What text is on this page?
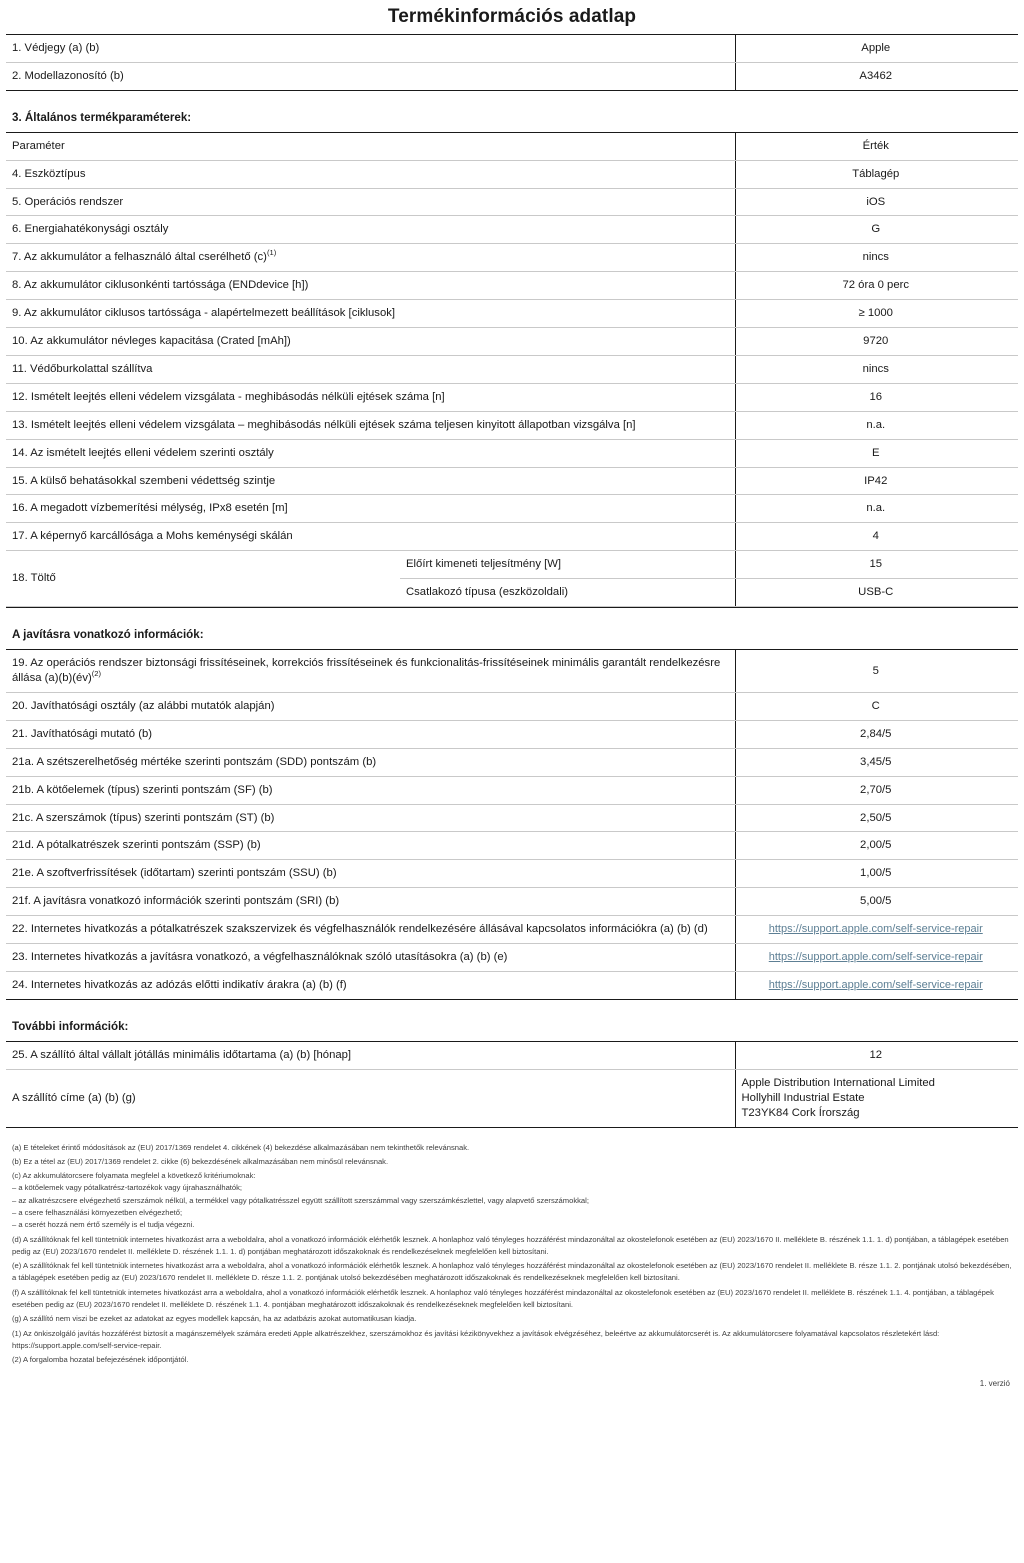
Termékinformációs adatlap
1. Védjegy (a) (b)	Apple
2. Modellazonosító (b)	A3462
3. Általános termékparaméterek:
Paraméter	Érték
4. Eszköztípus	Táblagép
5. Operációs rendszer	iOS
6. Energiahatékonysági osztály	G
7. Az akkumulátor a felhasználó által cserélhető $(c)^{(1)}$	nincs
8. Az akkumulátor ciklusonkénti tartóssága (ENDdevice [h])	72 óra 0 perc
9. Az akkumulátor ciklusos tartóssága - alapértelmezett beállítások [ciklusok]	≥ 1000
10. Az akkumulátor névleges kapacitása (Crated [mAh])	9720
11. Védőburkolattal szállítva	nincs
12. Ismételt leejtés elleni védelem vizsgálata - meghibásodás nélküli ejtések száma [n]	16
13. Ismételt leejtés elleni védelem vizsgálata – meghibásodás nélküli ejtések száma teljesen kinyitott állapotban vizsgálva [n]	n.a.
14. Az ismételt leejtés elleni védelem szerinti osztály	E
15. A külső behatásokkal szembeni védettség szintje	IP42
16. A megadott vízbemerítési mélység, IPx8 esetén [m]	n.a.
17. A képernyő karcállósága a Mohs keménységi skálán	4

18. Töltő	Előírt kimeneti teljesítmény [W]	15
Csatlakozó típusa (eszközoldali)	USB-C

A javításra vonatkozó információk:
19. Az operációs rendszer biztonsági frissítéseinek, korrekciós frissítéseinek és funkcionalitás-frissítéseinek minimális garantált rendelkezésre állása (a)(b)(év)$^{(2)}$	5
20. Javíthatósági osztály (az alábbi mutatók alapján)	C
21. Javíthatósági mutató (b)	2,84/5
21a. A szétszerelhetőség mértéke szerinti pontszám (SDD) pontszám (b)	3,45/5
21b. A kötőelemek (típus) szerinti pontszám (SF) (b)	2,70/5
21c. A szerszámok (típus) szerinti pontszám (ST) (b)	2,50/5
21d. A pótalkatrészek szerinti pontszám (SSP) (b)	2,00/5
21e. A szoftverfrissítések (időtartam) szerinti pontszám (SSU) (b)	1,00/5
21f. A javításra vonatkozó információk szerinti pontszám (SRI) (b)	5,00/5
22. Internetes hivatkozás a pótalkatrészek szakszervizek és végfelhasználók rendelkezésére állásával kapcsolatos információkra (a) (b) (d)	https://support.apple.com/self-service-repair
23. Internetes hivatkozás a javításra vonatkozó, a végfelhasználóknak szóló utasításokra (a) (b) (e)	https://support.apple.com/self-service-repair
24. Internetes hivatkozás az adózás előtti indikatív árakra (a) (b) (f)	https://support.apple.com/self-service-repair
További információk:
25. A szállító által vállalt jótállás minimális időtartama (a) (b) [hónap]	12
A szállító címe (a) (b) (g)	Apple Distribution International Limited
Hollyhill Industrial Estate
T23YK84 Cork Írország

(a) E tételeket érintő módosítások az (EU) 2017/1369 rendelet 4. cikkének (4) bekezdése alkalmazásában nem tekinthetők relevánsnak.

(b) Ez a tétel az (EU) 2017/1369 rendelet 2. cikke (6) bekezdésének alkalmazásában nem minősül relevánsnak.

(c) Az akkumulátorcsere folyamata megfelel a következő kritériumoknak:

– a kötőelemek vagy pótalkatrész-tartozékok vagy újrahasználhatók;

– az alkatrészcsere elvégezhető szerszámok nélkül, a termékkel vagy pótalkatrésszel együtt szállított szerszámmal vagy szerszámkészlettel, vagy alapvető szerszámokkal;

– a csere felhasználási környezetben elvégezhető;

– a cserét hozzá nem értő személy is el tudja végezni.

(d) A szállítóknak fel kell tüntetniük internetes hivatkozást arra a weboldalra, ahol a vonatkozó információk elérhetők lesznek. A honlaphoz való tényleges hozzáférést mindazonáltal az okostelefonok esetében az (EU) 2023/1670 II. melléklete B. részének 1.1. 1. d) pontjában, a táblagépek esetében pedig az (EU) 2023/1670 rendelet II. melléklete D. részének 1.1. 1. d) pontjában meghatározott időszakoknak és rendelkezéseknek megfelelően kell biztosítani.

(e) A szállítóknak fel kell tüntetniük internetes hivatkozást arra a weboldalra, ahol a vonatkozó információk elérhetők lesznek. A honlaphoz való tényleges hozzáférést mindazonáltal az okostelefonok esetében az (EU) 2023/1670 rendelet II. melléklete B. része 1.1. 2. pontjának utolsó bekezdésében, a táblagépek esetében pedig az (EU) 2023/1670 rendelet II. melléklete D. része 1.1. 2. pontjának utolsó bekezdésében meghatározott időszakoknak és rendelkezéseknek megfelelően kell biztosítani.

(f) A szállítóknak fel kell tüntetniük internetes hivatkozást arra a weboldalra, ahol a vonatkozó információk elérhetők lesznek. A honlaphoz való tényleges hozzáférést mindazonáltal az okostelefonok esetében az (EU) 2023/1670 rendelet II. melléklete B. részének 1.1. 4. pontjában, a táblagépek esetében pedig az (EU) 2023/1670 rendelet II. melléklete D. részének 1.1. 4. pontjában meghatározott időszakoknak és rendelkezéseknek megfelelően kell biztosítani.

(g) A szállító nem viszi be ezeket az adatokat az egyes modellek kapcsán, ha az adatbázis azokat automatikusan kiadja.

(1) Az önkiszolgáló javítás hozzáférést biztosít a magánszemélyek számára eredeti Apple alkatrészekhez, szerszámokhoz és javítási kézikönyvekhez a javítások elvégzéséhez, beleértve az akkumulátorcserét is. Az akkumulátorcsere folyamatával kapcsolatos részletekért lásd: https://support.apple.com/self-service-repair.

(2) A forgalomba hozatal befejezésének időpontjától.

1. verzió
